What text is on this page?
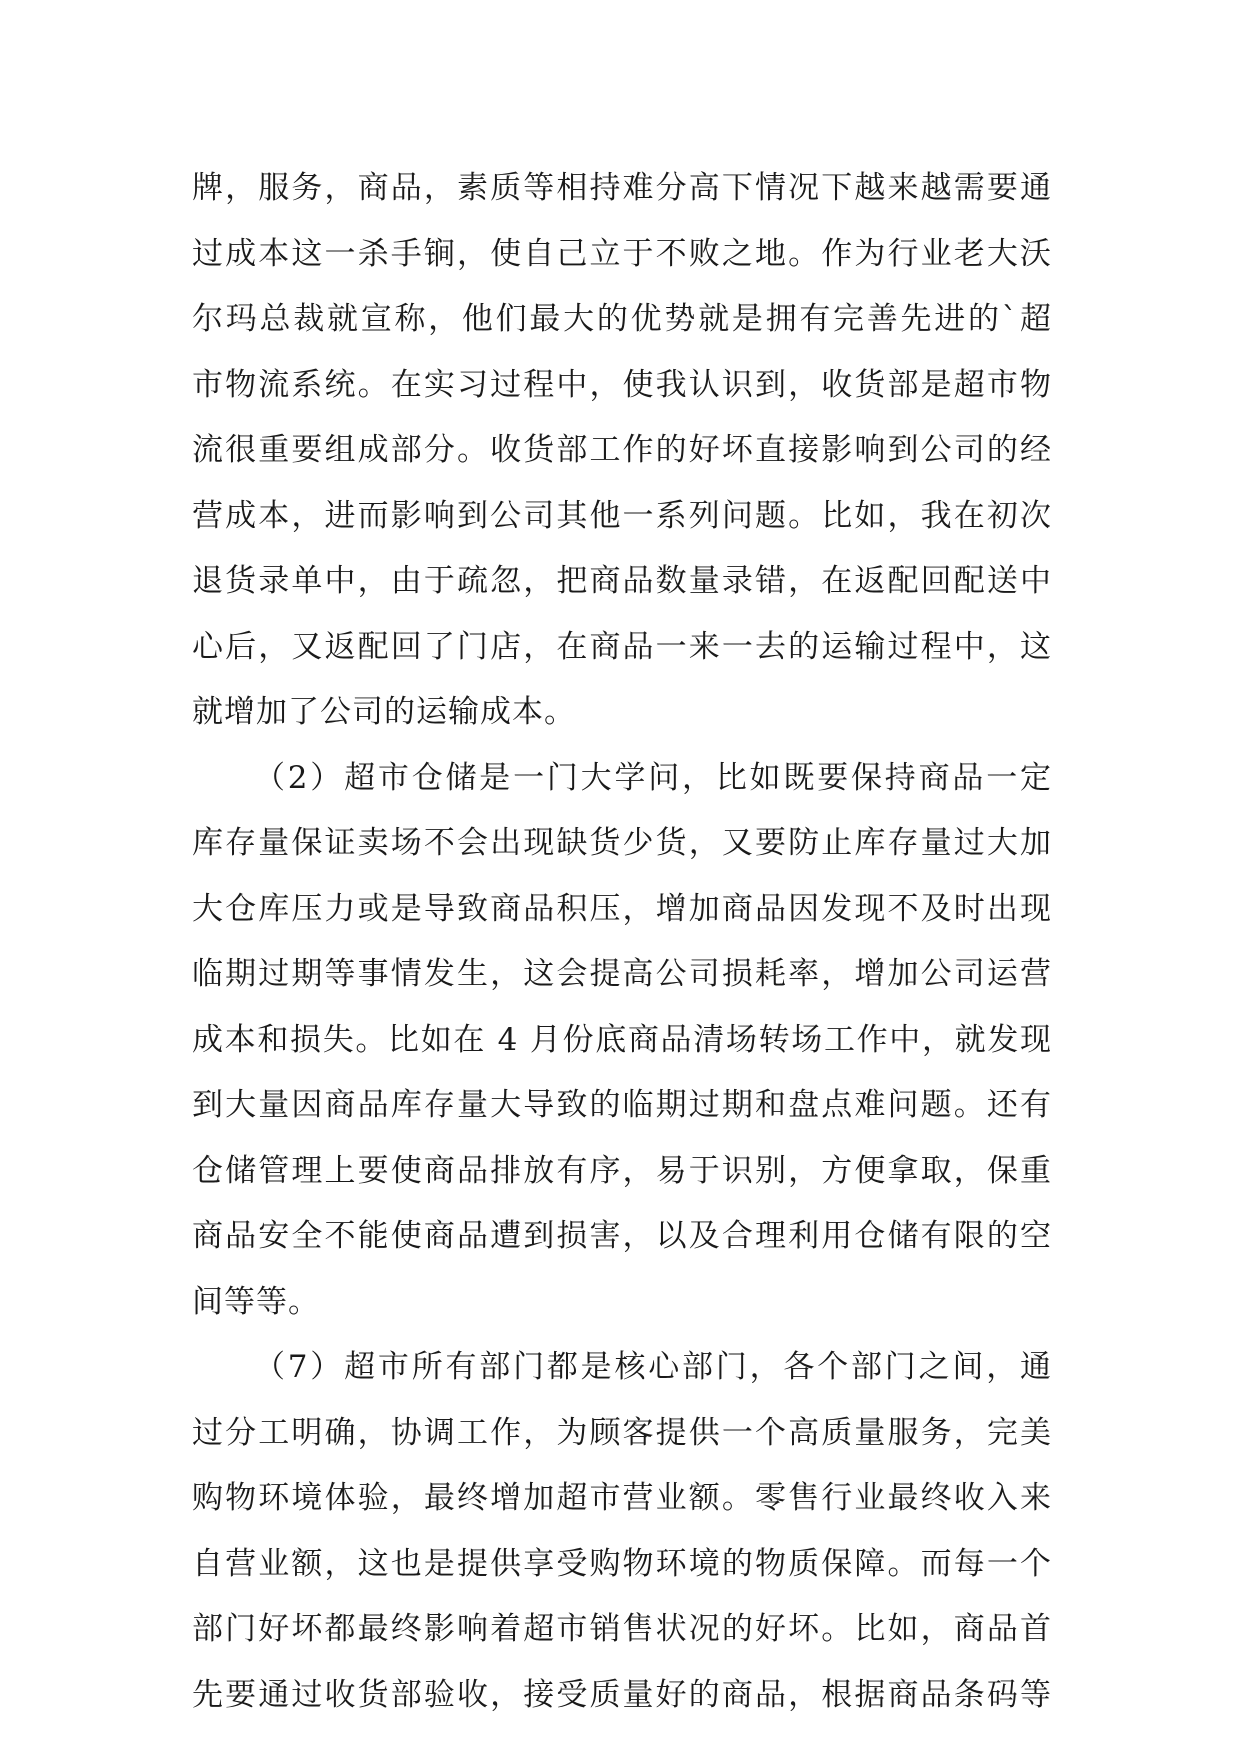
牌，服务，商品，素质等相持难分高下情况下越来越需要通
过成本这一杀手锏，使自己立于不败之地。作为行业老大沃
尔玛总裁就宣称，他们最大的优势就是拥有完善先进的`超
市物流系统。在实习过程中，使我认识到，收货部是超市物
流很重要组成部分。收货部工作的好坏直接影响到公司的经
营成本，进而影响到公司其他一系列问题。比如，我在初次
退货录单中，由于疏忽，把商品数量录错，在返配回配送中
心后，又返配回了门店，在商品一来一去的运输过程中，这
就增加了公司的运输成本。
（2）超市仓储是一门大学问，比如既要保持商品一定
库存量保证卖场不会出现缺货少货，又要防止库存量过大加
大仓库压力或是导致商品积压，增加商品因发现不及时出现
临期过期等事情发生，这会提高公司损耗率，增加公司运营
成本和损失。比如在 4 月份底商品清场转场工作中，就发现
到大量因商品库存量大导致的临期过期和盘点难问题。还有
仓储管理上要使商品排放有序，易于识别，方便拿取，保重
商品安全不能使商品遭到损害，以及合理利用仓储有限的空
间等等。
（7）超市所有部门都是核心部门，各个部门之间，通
过分工明确，协调工作，为顾客提供一个高质量服务，完美
购物环境体验，最终增加超市营业额。零售行业最终收入来
自营业额，这也是提供享受购物环境的物质保障。而每一个
部门好坏都最终影响着超市销售状况的好坏。比如，商品首
先要通过收货部验收，接受质量好的商品，根据商品条码等
